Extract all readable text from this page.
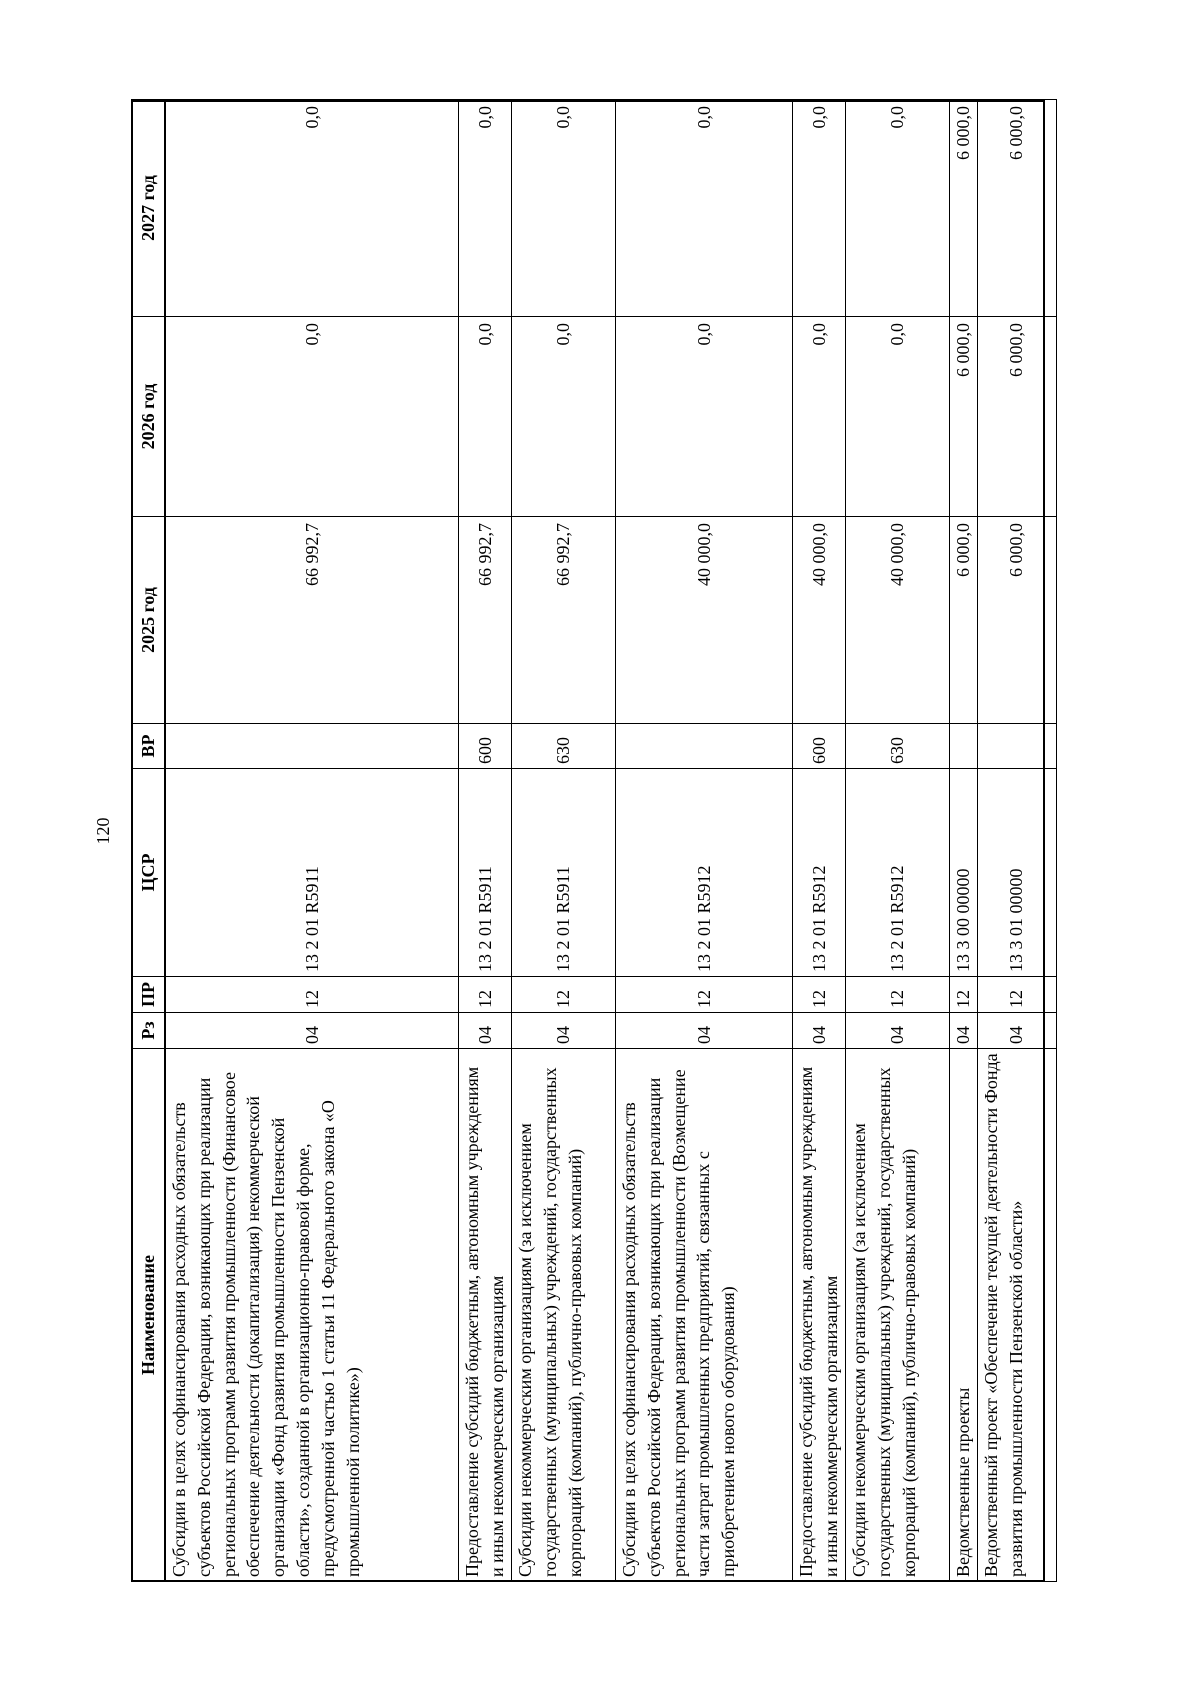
120
Наименование	Рз	ПР	ЦСР	ВР	2025 год	2026 год	2027 год
Субсидии в целях софинансирования расходных обязательств субъектов Российской Федерации, возникающих при реализации региональных программ развития промышленности (Финансовое обеспечение деятельности (докапитализация) некоммерческой организации «Фонд развития промышленности Пензенской области», созданной в организационно-правовой форме, предусмотренной частью 1 статьи 11 Федерального закона «О промышленной политике»)	04	12	13 2 01 R5911		66 992,7	0,0	0,0
Предоставление субсидий бюджетным, автономным учреждениям и иным некоммерческим организациям	04	12	13 2 01 R5911	600	66 992,7	0,0	0,0
Субсидии некоммерческим организациям (за исключением государственных (муниципальных) учреждений, государственных корпораций (компаний), публично-правовых компаний)	04	12	13 2 01 R5911	630	66 992,7	0,0	0,0
Субсидии в целях софинансирования расходных обязательств субъектов Российской Федерации, возникающих при реализации региональных программ развития промышленности (Возмещение части затрат промышленных предприятий, связанных с приобретением нового оборудования)	04	12	13 2 01 R5912		40 000,0	0,0	0,0
Предоставление субсидий бюджетным, автономным учреждениям и иным некоммерческим организациям	04	12	13 2 01 R5912	600	40 000,0	0,0	0,0
Субсидии некоммерческим организациям (за исключением государственных (муниципальных) учреждений, государственных корпораций (компаний), публично-правовых компаний)	04	12	13 2 01 R5912	630	40 000,0	0,0	0,0
Ведомственные проекты	04	12	13 3 00 00000		6 000,0	6 000,0	6 000,0
Ведомственный проект «Обеспечение текущей деятельности Фонда развития промышленности Пензенской области»	04	12	13 3 01 00000		6 000,0	6 000,0	6 000,0
